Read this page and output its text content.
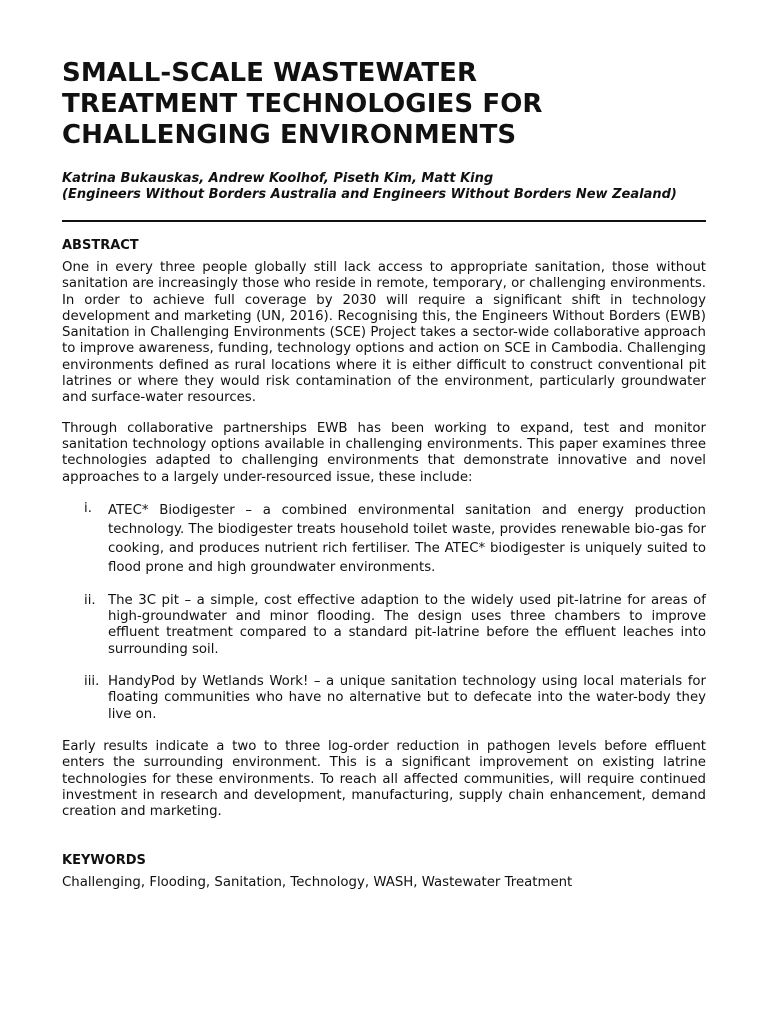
SMALL-SCALE WASTEWATER
TREATMENT TECHNOLOGIES FOR
CHALLENGING ENVIRONMENTS
Katrina Bukauskas, Andrew Koolhof, Piseth Kim, Matt King
(Engineers Without Borders Australia and Engineers Without Borders New Zealand)
ABSTRACT

One in every three people globally still lack access to appropriate sanitation, those without sanitation are increasingly those who reside in remote, temporary, or challenging environments. In order to achieve full coverage by 2030 will require a significant shift in technology development and marketing (UN, 2016). Recognising this, the Engineers Without Borders (EWB) Sanitation in Challenging Environments (SCE) Project takes a sector-wide collaborative approach to improve awareness, funding, technology options and action on SCE in Cambodia. Challenging environments defined as rural locations where it is either difficult to construct conventional pit latrines or where they would risk contamination of the environment, particularly groundwater and surface-water resources.

Through collaborative partnerships EWB has been working to expand, test and monitor sanitation technology options available in challenging environments. This paper examines three technologies adapted to challenging environments that demonstrate innovative and novel approaches to a largely under-resourced issue, these include:

i.	ATEC* Biodigester – a combined environmental sanitation and energy production technology. The biodigester treats household toilet waste, provides renewable bio-gas for cooking, and produces nutrient rich fertiliser. The ATEC* biodigester is uniquely suited to flood prone and high groundwater environments.

ii. The 3C pit – a simple, cost effective adaption to the widely used pit-latrine for areas of high-groundwater and minor flooding. The design uses three chambers to improve effluent treatment compared to a standard pit-latrine before the effluent leaches into surrounding soil.

iii. HandyPod by Wetlands Work! – a unique sanitation technology using local materials for floating communities who have no alternative but to defecate into the water-body they live on.

Early results indicate a two to three log-order reduction in pathogen levels before effluent enters the surrounding environment. This is a significant improvement on existing latrine technologies for these environments. To reach all affected communities, will require continued investment in research and development, manufacturing, supply chain enhancement, demand creation and marketing.

KEYWORDS

Challenging, Flooding, Sanitation, Technology, WASH, Wastewater Treatment
